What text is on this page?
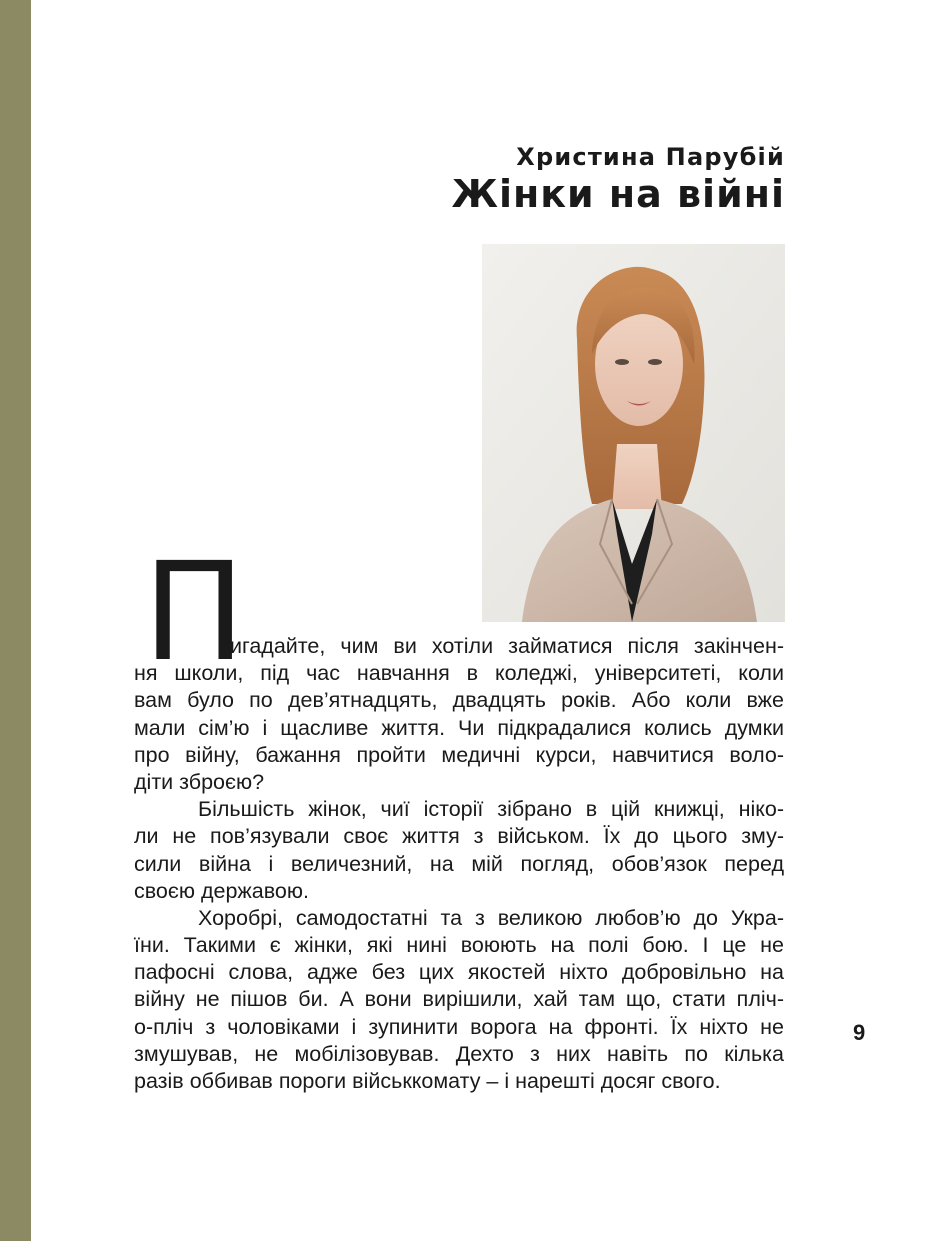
Христина Парубій
Жінки на війні
П
ригадайте, чим ви хотіли займатися після закінчен-
ня школи, під час навчання в коледжі, університеті, коли
вам було по дев’ятнадцять, двадцять років. Або коли вже
мали сім’ю і щасливе життя. Чи підкрадалися колись думки
про війну, бажання пройти медичні курси, навчитися воло-
діти зброєю?
Більшість жінок, чиї історії зібрано в цій книжці, ніко-
ли не пов’язували своє життя з військом. Їх до цього зму-
сили війна і величезний, на мій погляд, обов’язок перед
своєю державою.
Хоробрі, самодостатні та з великою любов’ю до Укра-
їни. Такими є жінки, які нині воюють на полі бою. І це не
пафосні слова, адже без цих якостей ніхто добровільно на
війну не пішов би. А вони вирішили, хай там що, стати пліч-
о-пліч з чоловіками і зупинити ворога на фронті. Їх ніхто не
змушував, не мобілізовував. Дехто з них навіть по кілька
разів оббивав пороги військкомату – і нарешті досяг свого.
9
